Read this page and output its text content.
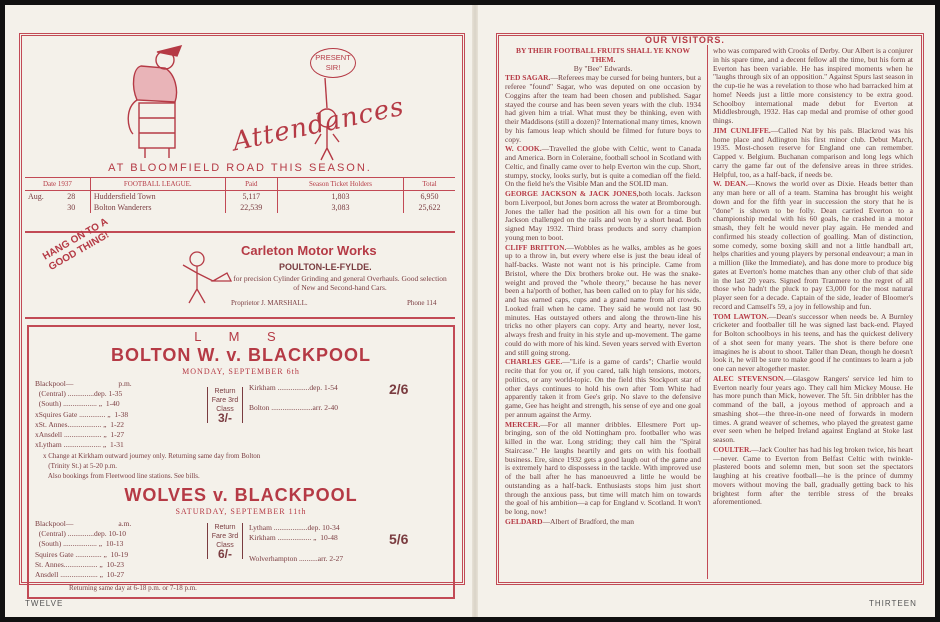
PRESENT SIR!
Attendances
AT BLOOMFIELD ROAD THIS SEASON.
Date 1937		FOOTBALL LEAGUE.	Paid	Season Ticket Holders	Total
Aug.	28	Huddersfield Town	5,117	1,803	6,950
	30	Bolton Wanderers	22,539	3,083	25,622
HANG ON TO A GOOD THING!	Carleton Motor Works
POULTON-LE-FYLDE.
for precision Cylinder Grinding and general Overhauls. Good selection of New and Second-hand Cars.
Proprietor J. MARSHALL.	Phone 114
L M S
BOLTON W. v. BLACKPOOL
MONDAY, SEPTEMBER 6th
Blackpool—                        p.m.
(Central) ..............dep. 1-35
(South) .................. „  1-40
xSquires Gate .............. „  1-38
xSt. Annes.................. „  1-22
xAnsdell .................... „  1-27
xLytham .................... „  1-31
Return Fare 3rd Class
3/-
Kirkham .................dep. 1-54

Bolton ......................arr. 2-40
2/6
x Change at Kirkham outward journey only. Returning same day from Bolton
(Trinity St.) at 5-20 p.m.
Also bookings from Fleetwood line stations. See bills.
WOLVES v. BLACKPOOL
SATURDAY, SEPTEMBER 11th
Blackpool—                        a.m.
(Central) ..............dep. 10-10
(South) .................. „  10-13
Squires Gate .............. „  10-19
St. Annes.................. „  10-23
Ansdell .................... „  10-27
Return Fare 3rd Class
6/-
Lytham ..................dep. 10-34
Kirkham .................. „  10-48

Wolverhampton ..........arr. 2-27
5/6
Returning same day at 6-18 p.m. or 7-18 p.m.
TWELVE
OUR VISITORS.
BY THEIR FOOTBALL FRUITS SHALL YE KNOW THEM.
By "Bee" Edwards.
TED SAGAR.—Referees may be cursed for being hunters, but a referee "found" Sagar, who was deputed on one occasion by Coggins after the team had been chosen and published. Sagar stayed the course and has been seven years with the club. 1934 had given him a trial. What must they be thinking, even with their Maddisons (still a dozen)? International many times, known by his famous leap which should be filmed for future boys to copy.
W. COOK.—Travelled the globe with Celtic, went to Canada and America. Born in Coleraine, football school in Scotland with Celtic, and finally came over to help Everton win the cup. Short, stumpy, stocky, looks surly, but is quite a comedian off the field. On the field he's the Visible Man and the SOLID man.
GEORGE JACKSON & JACK JONES,both locals. Jackson born Liverpool, but Jones born across the water at Bromborough. Jones the taller had the position all his own for a time but Jackson challenged on the rails and won by a short head. Both signed May 1932. Third brass products and sorry champion young men to boot.
CLIFF BRITTON.—Wobbles as he walks, ambles as he goes up to a throw in, but every where else is just the beau ideal of half-backs. Waste not want not is his principle. Came from Bristol, where the Dix brothers broke out. He was the snake-weight and proved the "whole theory," because he has never been a ha'porth of bother, has been called on to play for his side, and has earned caps, cups and a grand name from all crowds. Looked frail when he came. They said he would not last 90 minutes. Has outstayed others and along the thrown-line his tricks no other players can copy. Arty and hearty, never lost, always fresh and fruity in his style and up-movement. The game could do with more of his kind. Seven years served with Everton and still going strong.
CHARLES GEE.—"Life is a game of cards"; Charlie would recite that for you or, if you cared, talk high tensions, motors, politics, or any world-topic. On the field this Stockport star of other days continues to hold his own after Tom White had apparently taken it from Gee's grip. No slave to the defensive game, Gee has height and strength, his sense of eye and one goal per annum against the Army.
MERCER.—For all manner dribbles. Ellesmere Port up-bringing, son of the old Nottingham pro. footballer who was killed in the war. Long striding; they call him the "Spiral Staircase." He laughs heartily and gets on with his football business. Ere, since 1932 gets a good laugh out of the game and is extremely hard to dispossess in the tackle. With improved use of the ball after he has manoeuvred a little he would be outstanding as a half-back. Enthusiasts stops him just short through the anxious pass, but time will match him on towards the goal of his ambition—a cap for England v. Scotland. It won't be long, now!
GELDARD—Albert of Bradford, the man
who was compared with Crooks of Derby. Our Albert is a conjurer in his spare time, and a decent fellow all the time, but his form at Everton has been variable. He has inspired moments when he "laughs through six of an opposition." Against Spurs last season in the cup-tie he was a revelation to those who had barracked him at home! Needs just a little more consistency to be extra good. Schoolboy international made debut for Everton at Middlesbrough, 1932. Has cap medal and promise of other good things.
JIM CUNLIFFE.—Called Nat by his pals. Blackrod was his home place and Adlington his first minor club. Debut March, 1935. Most-chosen reserve for England one can remember. Capped v. Belgium. Buchanan comparison and long legs which carry the game far out of the defensive areas in three strides. Helpful, too, as a half-back, if needs be.
W. DEAN.—Knows the world over as Dixie. Heads better than any man here or all of a team. Stamina has brought his weight down and for the fifth year in succession the story that he is "done" is shown to be folly. Dean carried Everton to a championship medal with his 60 goals, he crashed in a motor smash, they felt he would never play again. He mended and confirmed his steady collection of goalling. Man of distinction, some comedy, some boxing skill and not a little handball art, helps charities and young players by personal endeavour; a man in a million (like the Immediate), and has done more to produce big gates at Everton's home matches than any other club of that side in the last 20 years. Signed from Tranmere to the regret of all those who hadn't the pluck to pay £3,000 for the most natural player seen for a decade. Captain of the side, leader of Bloomer's record and Camsell's 59, a joy in fellowship and fun.
TOM LAWTON.—Dean's successor when needs be. A Burnley cricketer and footballer till he was signed last back-end. Played for Bolton schoolboys in his teens, and has the quickest delivery of a shot seen for many years. The shot is there before one imagines he is about to shoot. Taller than Dean, though he doesn't look it, he will be sure to make good if he continues to learn a job one can never altogether master.
ALEC STEVENSON.—Glasgow Rangers' service led him to Everton nearly four years ago. They call him Mickey Mouse. He has more punch than Mick, however. The 5ft. 5in dribbler has the command of the ball, a joyous method of approach and a smashing shot—the three-in-one need of forwards in modern times. A grand weaver of schemes, who played the greatest game ever seen when he helped Ireland against England at Stoke last season.
COULTER.—Jack Coulter has had his leg broken twice, his heart—never. Came to Everton from Belfast Celtic with twinkle-plastered boots and solemn men, but soon set the spectators laughing at his creative football—he is the prince of dummy movers without moving the ball, gradually getting back to his brightest form after the terrible stress of the breaks aforementioned.
THIRTEEN
